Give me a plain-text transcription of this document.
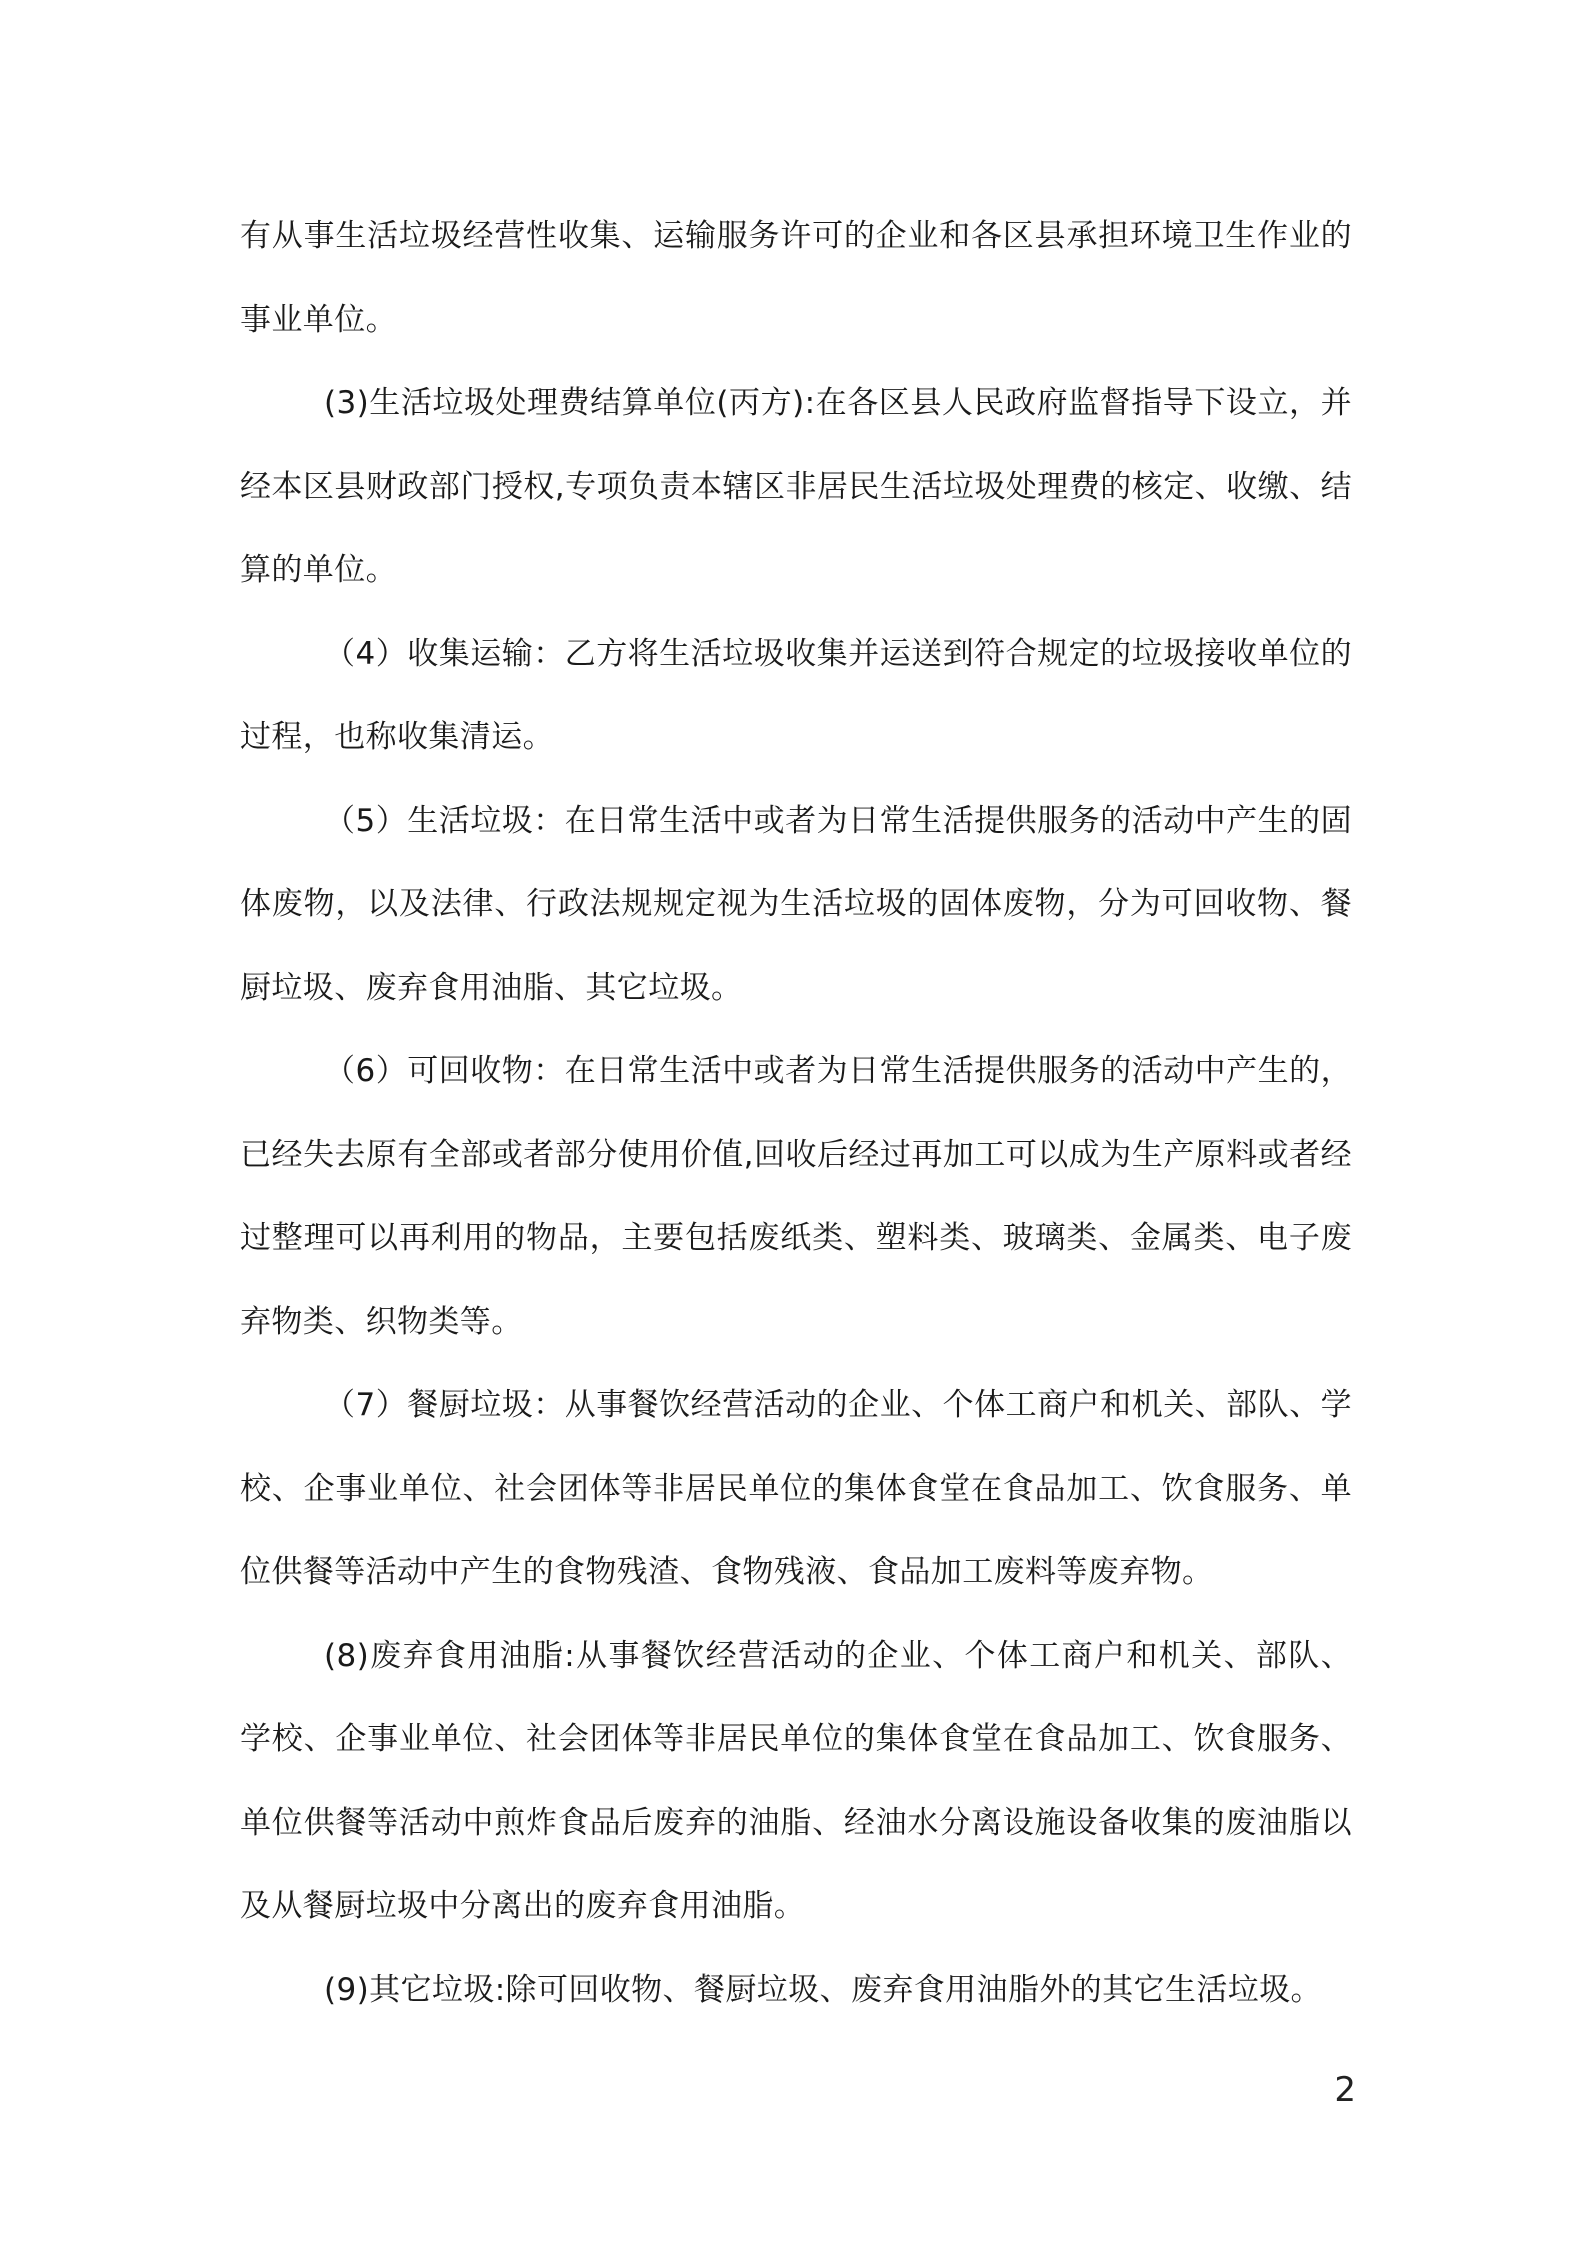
有从事生活垃圾经营性收集、运输服务许可的企业和各区县承担环境卫生作业的事业单位。

(3)生活垃圾处理费结算单位(丙方):在各区县人民政府监督指导下设立，并经本区县财政部门授权,专项负责本辖区非居民生活垃圾处理费的核定、收缴、结算的单位。

（4）收集运输：乙方将生活垃圾收集并运送到符合规定的垃圾接收单位的过程，也称收集清运。

（5）生活垃圾：在日常生活中或者为日常生活提供服务的活动中产生的固体废物，以及法律、行政法规规定视为生活垃圾的固体废物，分为可回收物、餐厨垃圾、废弃食用油脂、其它垃圾。

（6）可回收物：在日常生活中或者为日常生活提供服务的活动中产生的，已经失去原有全部或者部分使用价值,回收后经过再加工可以成为生产原料或者经过整理可以再利用的物品，主要包括废纸类、塑料类、玻璃类、金属类、电子废弃物类、织物类等。

（7）餐厨垃圾：从事餐饮经营活动的企业、个体工商户和机关、部队、学校、企事业单位、社会团体等非居民单位的集体食堂在食品加工、饮食服务、单位供餐等活动中产生的食物残渣、食物残液、食品加工废料等废弃物。

(8)废弃食用油脂:从事餐饮经营活动的企业、个体工商户和机关、部队、学校、企事业单位、社会团体等非居民单位的集体食堂在食品加工、饮食服务、单位供餐等活动中煎炸食品后废弃的油脂、经油水分离设施设备收集的废油脂以及从餐厨垃圾中分离出的废弃食用油脂。

(9)其它垃圾:除可回收物、餐厨垃圾、废弃食用油脂外的其它生活垃圾。

2
